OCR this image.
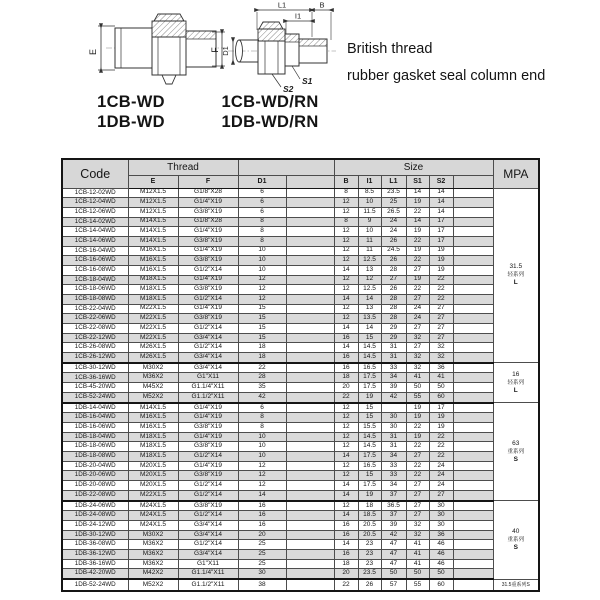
E	F
L1	B
I1
D1
S2
S1
British thread
rubber gasket seal column end
1CB-WD
1DB-WD
1CB-WD/RN
1DB-WD/RN
Code	Thread				Size						MPA
	E	F	D1		B	I1	L1	S1	S2		
1CB-12-02WD	M12X1.5	G1/8"X28	6		8	8.5	23.5	14	14		31.5
轻系列
L

1CB-12-04WD	M12X1.5	G1/4"X19	6		12	10	25	19	14		
1CB-12-06WD	M12X1.5	G3/8"X19	6		12	11.5	26.5	22	14		
1CB-14-02WD	M14X1.5	G1/8"X28	8		8	9	24	14	17		
1CB-14-04WD	M14X1.5	G1/4"X19	8		12	10	24	19	17		
1CB-14-06WD	M14X1.5	G3/8"X19	8		12	11	26	22	17		
1CB-16-04WD	M16X1.5	G1/4"X19	10		12	11	24.5	19	19		
1CB-16-06WD	M16X1.5	G3/8"X19	10		12	12.5	26	22	19		
1CB-16-08WD	M16X1.5	G1/2"X14	10		14	13	28	27	19		
1CB-18-04WD	M18X1.5	G1/4"X19	12		12	12	27	19	22		
1CB-18-06WD	M18X1.5	G3/8"X19	12		12	12.5	26	22	22		
1CB-18-08WD	M18X1.5	G1/2"X14	12		14	14	28	27	22		
1CB-22-04WD	M22X1.5	G1/4"X19	15		12	13	28	24	27		
1CB-22-06WD	M22X1.5	G3/8"X19	15		12	13.5	28	24	27		
1CB-22-08WD	M22X1.5	G1/2"X14	15		14	14	29	27	27		
1CB-22-12WD	M22X1.5	G3/4"X14	15		16	15	29	32	27		
1CB-26-08WD	M26X1.5	G1/2"X14	18		14	14.5	31	27	32		
1CB-26-12WD	M26X1.5	G3/4"X14	18		16	14.5	31	32	32		
1CB-30-12WD	M30X2	G3/4"X14	22		16	16.5	33	32	36		16
轻系列
L

1CB-36-16WD	M36X2	G1"X11	28		18	17.5	34	41	41		
1CB-45-20WD	M45X2	G1.1/4"X11	35		20	17.5	39	50	50		
1CB-52-24WD	M52X2	G1.1/2"X11	42		22	19	42	55	60		
1DB-14-04WD	M14X1.5	G1/4"X19	6		12	15		19	17		63
重系列
S

1DB-16-04WD	M16X1.5	G1/4"X19	8		12	15	30	19	19		
1DB-16-06WD	M16X1.5	G3/8"X19	8		12	15.5	30	22	19		
1DB-18-04WD	M18X1.5	G1/4"X19	10		12	14.5	31	19	22		
1DB-18-06WD	M18X1.5	G3/8"X19	10		12	14.5	31	22	22		
1DB-18-08WD	M18X1.5	G1/2"X14	10		14	17.5	34	27	22		
1DB-20-04WD	M20X1.5	G1/4"X19	12		12	16.5	33	22	24		
1DB-20-06WD	M20X1.5	G3/8"X19	12		12	15	33	22	24		
1DB-20-08WD	M20X1.5	G1/2"X14	12		14	17.5	34	27	24		
1DB-22-08WD	M22X1.5	G1/2"X14	14		14	19	37	27	27		
1DB-24-06WD	M24X1.5	G3/8"X19	16		12	18	36.5	27	30		40
重系列
S

1DB-24-08WD	M24X1.5	G1/2"X14	16		14	18.5	37	27	30		
1DB-24-12WD	M24X1.5	G3/4"X14	16		16	20.5	39	32	30		
1DB-30-12WD	M30X2	G3/4"X14	20		16	20.5	42	32	36		
1DB-36-08WD	M36X2	G1/2"X14	25		14	23	47	41	46		
1DB-36-12WD	M36X2	G3/4"X14	25		16	23	47	41	46		
1DB-36-16WD	M36X2	G1"X11	25		18	23	47	41	46		
1DB-42-20WD	M42X2	G1.1/4"X11	30		20	23.5	50	50	50		
1DB-52-24WD	M52X2	G1.1/2"X11	38		22	26	57	55	60		31.5重系列S
